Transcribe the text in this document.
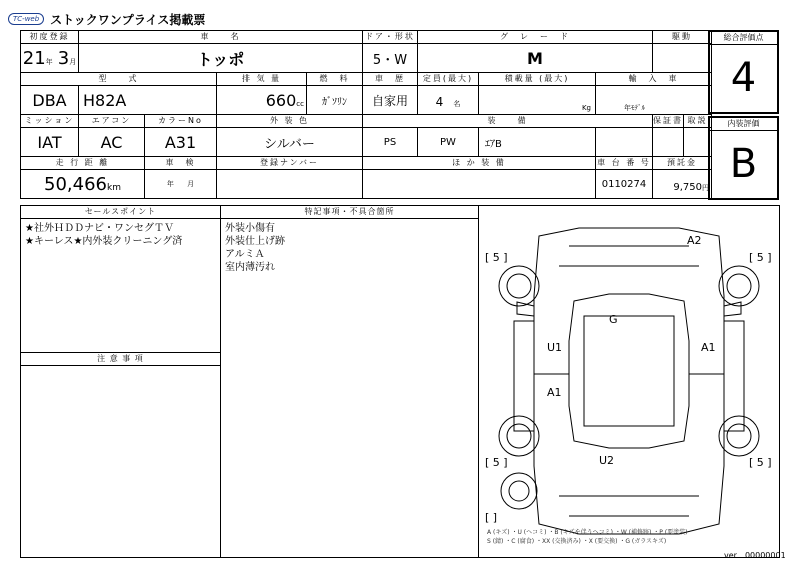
TC-web ストックワンプライス掲載票
初度登録	車　　名				ドア・形状	グ　レ　ー　ド			駆動	
21年 3月	トッポ				5・W	M				
型　　式			排 気 量	燃　料	車　歴	定員(最大)	積載量 (最大)	輸　入　車		
DBA	H82A		660cc	ｶﾞｿﾘﾝ	自家用	4 名	Kg	年ﾓﾃﾞﾙ		
ミッション	エアコン	カラーNo	外 装 色		装　　備				保証書	取説
IAT	AC	A31	シルバー		PS	PW	ｴｱB			
走 行 距 離		車　検	登録ナンバー		ほ か 装 備			車 台 番 号	預託金	
50,466km		年 月						0110274	9,750円	
総合評価点
4
内装評価
B
セールスポイント
★社外ＨＤＤナビ・ワンセグＴＶ
★キーレス★内外装クリーニング済
注 意 事 項
特記事項・不具合箇所
外装小傷有
外装仕上げ跡
アルミＡ
室内薄汚れ
A2
G
U1	A1
A1
U2
[ 5 ]	[ 5 ]
[ 5 ]	[ 5 ]
[ ]
A (キズ) ・U (ヘコミ) ・B (キズを伴うヘコミ) ・W (補修跡) ・P (要塗装)
S (錆) ・C (腐食) ・XX (交換済み) ・X (要交換) ・G (ガラスキズ)
ver　00000001
